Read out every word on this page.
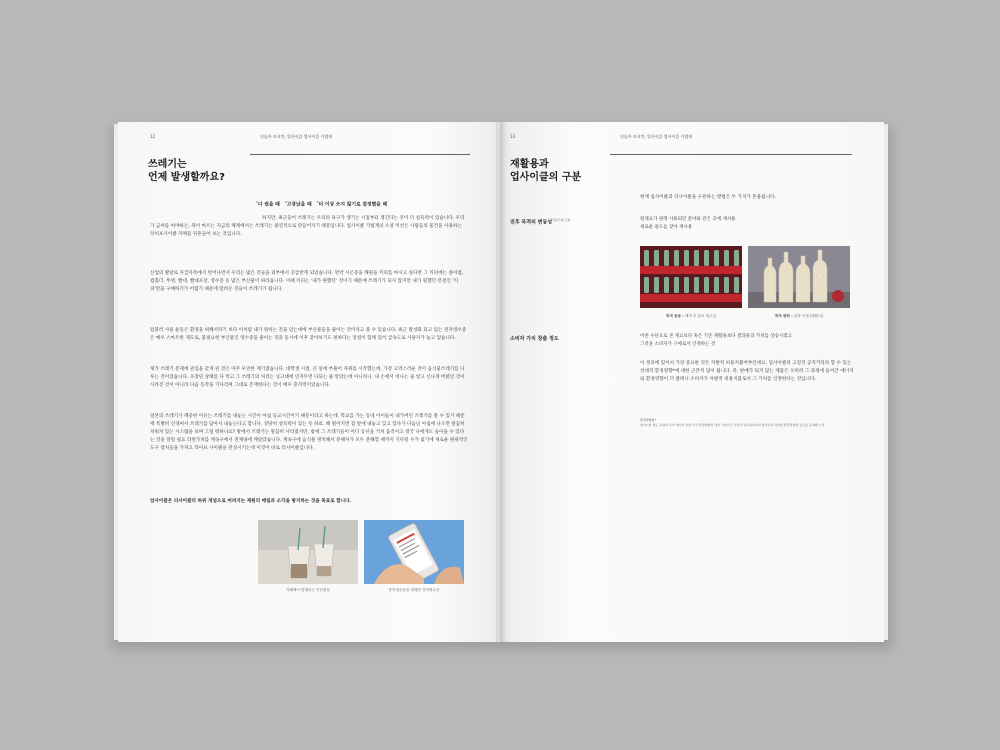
12	뒤돌아 보지만, 업사이클 업사이클 가법게
쓰레기는
언제 발생할까요?
$^1$다 썼을 때 $^2$고장났을 때 $^3$더 이상 쓰지 않기로 결정했을 때
하지만, 최근들어 쓰레기는 우리의 욕구가 생기는 시점부터 생긴다는 것이 더 설득력이 있습니다. 우리가 금씨를 써야하는, 목이 마르는 지금의 체계에서는 쓰레기는 필연적으로 만들어지기 때문입니다. 업사이클 가법게의 소셜 미션은 사람들의 물건을 사용하는 라이프사이클 자체를 뒤흔들어 보는 것입니다.
산업의 발달로 자급자족에서 벗어나면서 우리는 많은 것들을 외부에서 공급받게 되었습니다. 만약 시곤증을 해원을 커피를 마시고 싶다면 그 커피에는 종이컵, 컵홀더, 뚜껑, 빨대, 빨대포장, 영수증 등 많은 부산물이 따라옵니다. 이때 커피는 '내가 원했던' 것이기 때문에 쓰레기가 되지 않지만 내가 원했던 본질인 '커피'만을 구매하기가 어렵기 때문에 딸려온 것들이 쓰레기가 됩니다.
텀블러 사용 운동은 환경을 위해서라기 보다 이처럼 내가 원하는 것을 얻는데에 부산물들을 줄이는 것이라고 볼 수 있습니다. 최근 활성화 되고 있는 전자영수증은 매우 스마트한 제도로, 불필요한 부산물인 영수증을 줄이는 것과 동시에 이후 찾아보기도 편하다는 장점이 함께 있어 급속도로 사용자가 늘고 있습니다.
제가 쓰레기 문제에 관심을 갖게 된 것은 아주 우연한 계기였습니다. 대학생 시절, 큰 일에 부풀어 자취를 시작했는데, 가장 고역스러운 것이 음식물쓰레기를 다루는 것이었습니다. 포장된 상태를 다 먹고 그 쓰레기의 처리는 싱크대에 던져두면 다되는 줄 알았는데 아니라니, 내 손에서 떠나는 줄 알고 신나게 버렸던 것이 사라진 것이 아니라 다음 동작을 기다리며 그대로 존재한다는 것이 매우 충격적이었습니다.
일본의 쓰레기가 깨끗한 이유는 쓰레기를 내놓는 시간이 아침 등교시간이기 때문이라고 하는데, 학교를 가는 동네 아이들이 내가버린 쓰레기를 볼 수 있기 때문에 특별히 신경써서 쓰레기를 담아서 내놓는다고 합니다. 상당히 설득력이 있는 듯 하죠. 해 떨어지면 집 앞에 내놓고 잊고 있다가 다음날 아침에 나오면 말끔히 치워져 있는 시스템을 보며 그럴 뭐하나요? 방에서 쓰레기는 말끔히 사라졌지만, 밖에 그 쓰레기들이 어디 동선을 거쳐 움직이고 결국 나에게도 돌아올 수 있다는 것을 알릴 필요 라면가치를 계속구에서 전제내에 깨달았습니다. 계속구에 음식물 방치해서 분해자가 모두 분해할 때까지 기다릴 수가 없기에 새로운 원위적인 도구 장치들을 가져고 라이프 사이클을 완성시키는데 이것이 바로 리사이클입니다.
업사이클은 리사이클의 하위 개념으로 버려지는 재원의 매립과 소각을 방지하는 것을 목표로 합니다.
카페에서 발생되는 부산물들	종이영수증을 대체한 전자영수증
13	뒤돌아 보지만, 업사이클 업사이클 가법게
재활용과
업사이클의 구분
현재 업사이클과 리사이클을 구분하는 방법은 두 가지가 혼용됩니다.
전후 목적의 변동성$^{리유즈와 포함}$	원래요가 원래 사용되던 분야와 같은 곳에 재사용
새로운 용도를 찾아 재사용
목적 동동 : 세척 후 음료 재주입	목적 변화 : 술병 조명 (레틀지)
소비자 가치 창출 정도	어떤 수단으로 본 재료보다 혹은 기존 재활용보다 결과물의 가치를 상승시켰고
그것을 소비자가 구매로서 인정하는 것
이 정의에 있어서 가장 중요한 것은 자발적 비용지불여부인데요. 업사이클의 고질적 공격거리라 할 수 있는 상대적 환경영향*에 대한 근본적 답이 됩니다. 즉, 판매가 되지 않는 제품은 오히려 그 과정에 들어간 에너지와 환경영향이 더 클테니 소비자가 자발적 비용지불로서 그 가치를 인정한다는 것입니다.
환경영향량*
업사이클 제도 과정의 투자 에너지 자원 투여 환경영향과 대한 사업으로 처리가 일하여야하여 업사이클 과업의 환경영향량 감소를 증대해 노력
